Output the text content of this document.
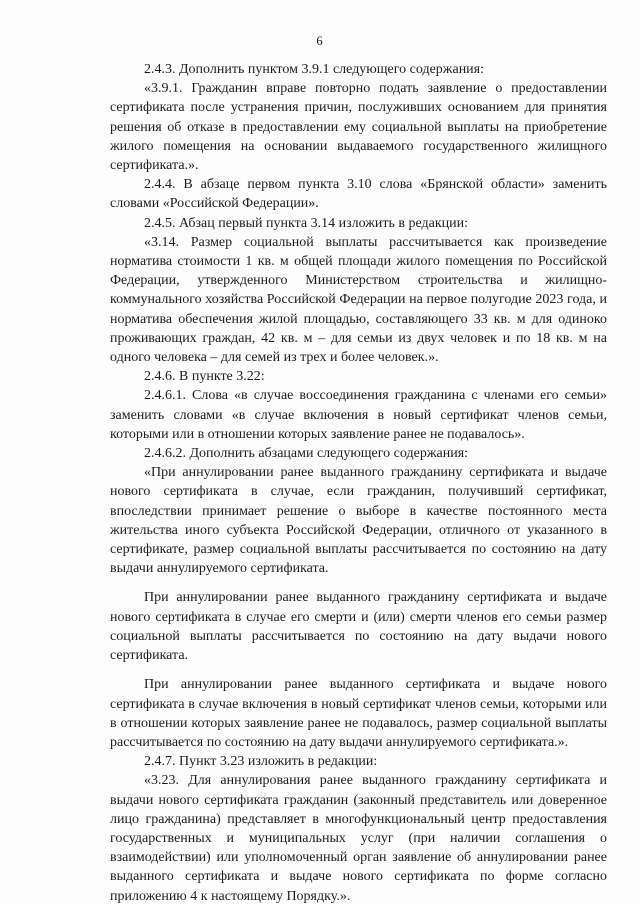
6

2.4.3. Дополнить пунктом 3.9.1 следующего содержания:

«3.9.1. Гражданин вправе повторно подать заявление о предоставлении сертификата после устранения причин, послуживших основанием для принятия решения об отказе в предоставлении ему социальной выплаты на приобретение жилого помещения на основании выдаваемого государственного жилищного сертификата.».

2.4.4. В абзаце первом пункта 3.10 слова «Брянской области» заменить словами «Российской Федерации».

2.4.5. Абзац первый пункта 3.14 изложить в редакции:

«3.14. Размер социальной выплаты рассчитывается как произведение норматива стоимости 1 кв. м общей площади жилого помещения по Российской Федерации, утвержденного Министерством строительства и жилищно-коммунального хозяйства Российской Федерации на первое полугодие 2023 года, и норматива обеспечения жилой площадью, составляющего 33 кв. м для одиноко проживающих граждан, 42 кв. м – для семьи из двух человек и по 18 кв. м на одного человека – для семей из трех и более человек.».

2.4.6. В пункте 3.22:

2.4.6.1. Слова «в случае воссоединения гражданина с членами его семьи» заменить словами «в случае включения в новый сертификат членов семьи, которыми или в отношении которых заявление ранее не подавалось».

2.4.6.2. Дополнить абзацами следующего содержания:

«При аннулировании ранее выданного гражданину сертификата и выдаче нового сертификата в случае, если гражданин, получивший сертификат, впоследствии принимает решение о выборе в качестве постоянного места жительства иного субъекта Российской Федерации, отличного от указанного в сертификате, размер социальной выплаты рассчитывается по состоянию на дату выдачи аннулируемого сертификата.

При аннулировании ранее выданного гражданину сертификата и выдаче нового сертификата в случае его смерти и (или) смерти членов его семьи размер социальной выплаты рассчитывается по состоянию на дату выдачи нового сертификата.

При аннулировании ранее выданного сертификата и выдаче нового сертификата в случае включения в новый сертификат членов семьи, которыми или в отношении которых заявление ранее не подавалось, размер социальной выплаты рассчитывается по состоянию на дату выдачи аннулируемого сертификата.».

2.4.7. Пункт 3.23 изложить в редакции:

«3.23. Для аннулирования ранее выданного гражданину сертификата и выдачи нового сертификата гражданин (законный представитель или доверенное лицо гражданина) представляет в многофункциональный центр предоставления государственных и муниципальных услуг (при наличии соглашения о взаимодействии) или уполномоченный орган заявление об аннулировании ранее выданного сертификата и выдаче нового сертификата по форме согласно приложению 4 к настоящему Порядку.».
